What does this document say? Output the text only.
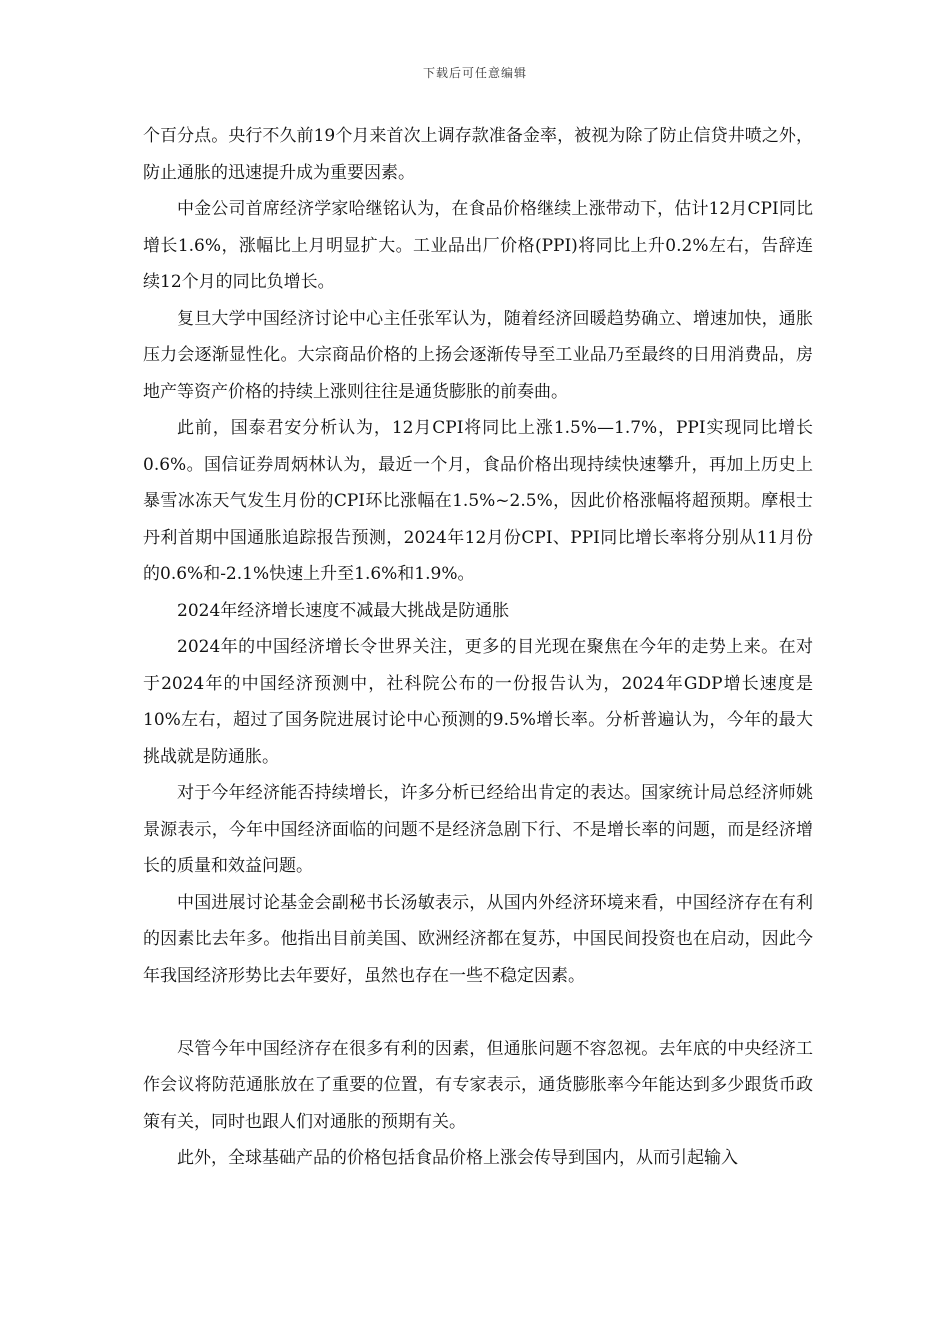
下载后可任意编辑

个百分点。央行不久前19个月来首次上调存款准备金率，被视为除了防止信贷井喷之外，防止通胀的迅速提升成为重要因素。

中金公司首席经济学家哈继铭认为，在食品价格继续上涨带动下，估计12月CPI同比增长1.6%，涨幅比上月明显扩大。工业品出厂价格(PPI)将同比上升0.2%左右，告辞连续12个月的同比负增长。

复旦大学中国经济讨论中心主任张军认为，随着经济回暖趋势确立、增速加快，通胀压力会逐渐显性化。大宗商品价格的上扬会逐渐传导至工业品乃至最终的日用消费品，房地产等资产价格的持续上涨则往往是通货膨胀的前奏曲。

此前，国泰君安分析认为，12月CPI将同比上涨1.5%—1.7%，PPI实现同比增长0.6%。国信证券周炳林认为，最近一个月，食品价格出现持续快速攀升，再加上历史上暴雪冰冻天气发生月份的CPI环比涨幅在1.5%~2.5%，因此价格涨幅将超预期。摩根士丹利首期中国通胀追踪报告预测，2024年12月份CPI、PPI同比增长率将分别从11月份的0.6%和-2.1%快速上升至1.6%和1.9%。

2024年经济增长速度不减最大挑战是防通胀

2024年的中国经济增长令世界关注，更多的目光现在聚焦在今年的走势上来。在对于2024年的中国经济预测中，社科院公布的一份报告认为，2024年GDP增长速度是10%左右，超过了国务院进展讨论中心预测的9.5%增长率。分析普遍认为，今年的最大挑战就是防通胀。

对于今年经济能否持续增长，许多分析已经给出肯定的表达。国家统计局总经济师姚景源表示，今年中国经济面临的问题不是经济急剧下行、不是增长率的问题，而是经济增长的质量和效益问题。

中国进展讨论基金会副秘书长汤敏表示，从国内外经济环境来看，中国经济存在有利的因素比去年多。他指出目前美国、欧洲经济都在复苏，中国民间投资也在启动，因此今年我国经济形势比去年要好，虽然也存在一些不稳定因素。

尽管今年中国经济存在很多有利的因素，但通胀问题不容忽视。去年底的中央经济工作会议将防范通胀放在了重要的位置，有专家表示，通货膨胀率今年能达到多少跟货币政策有关，同时也跟人们对通胀的预期有关。

此外，全球基础产品的价格包括食品价格上涨会传导到国内，从而引起输入
